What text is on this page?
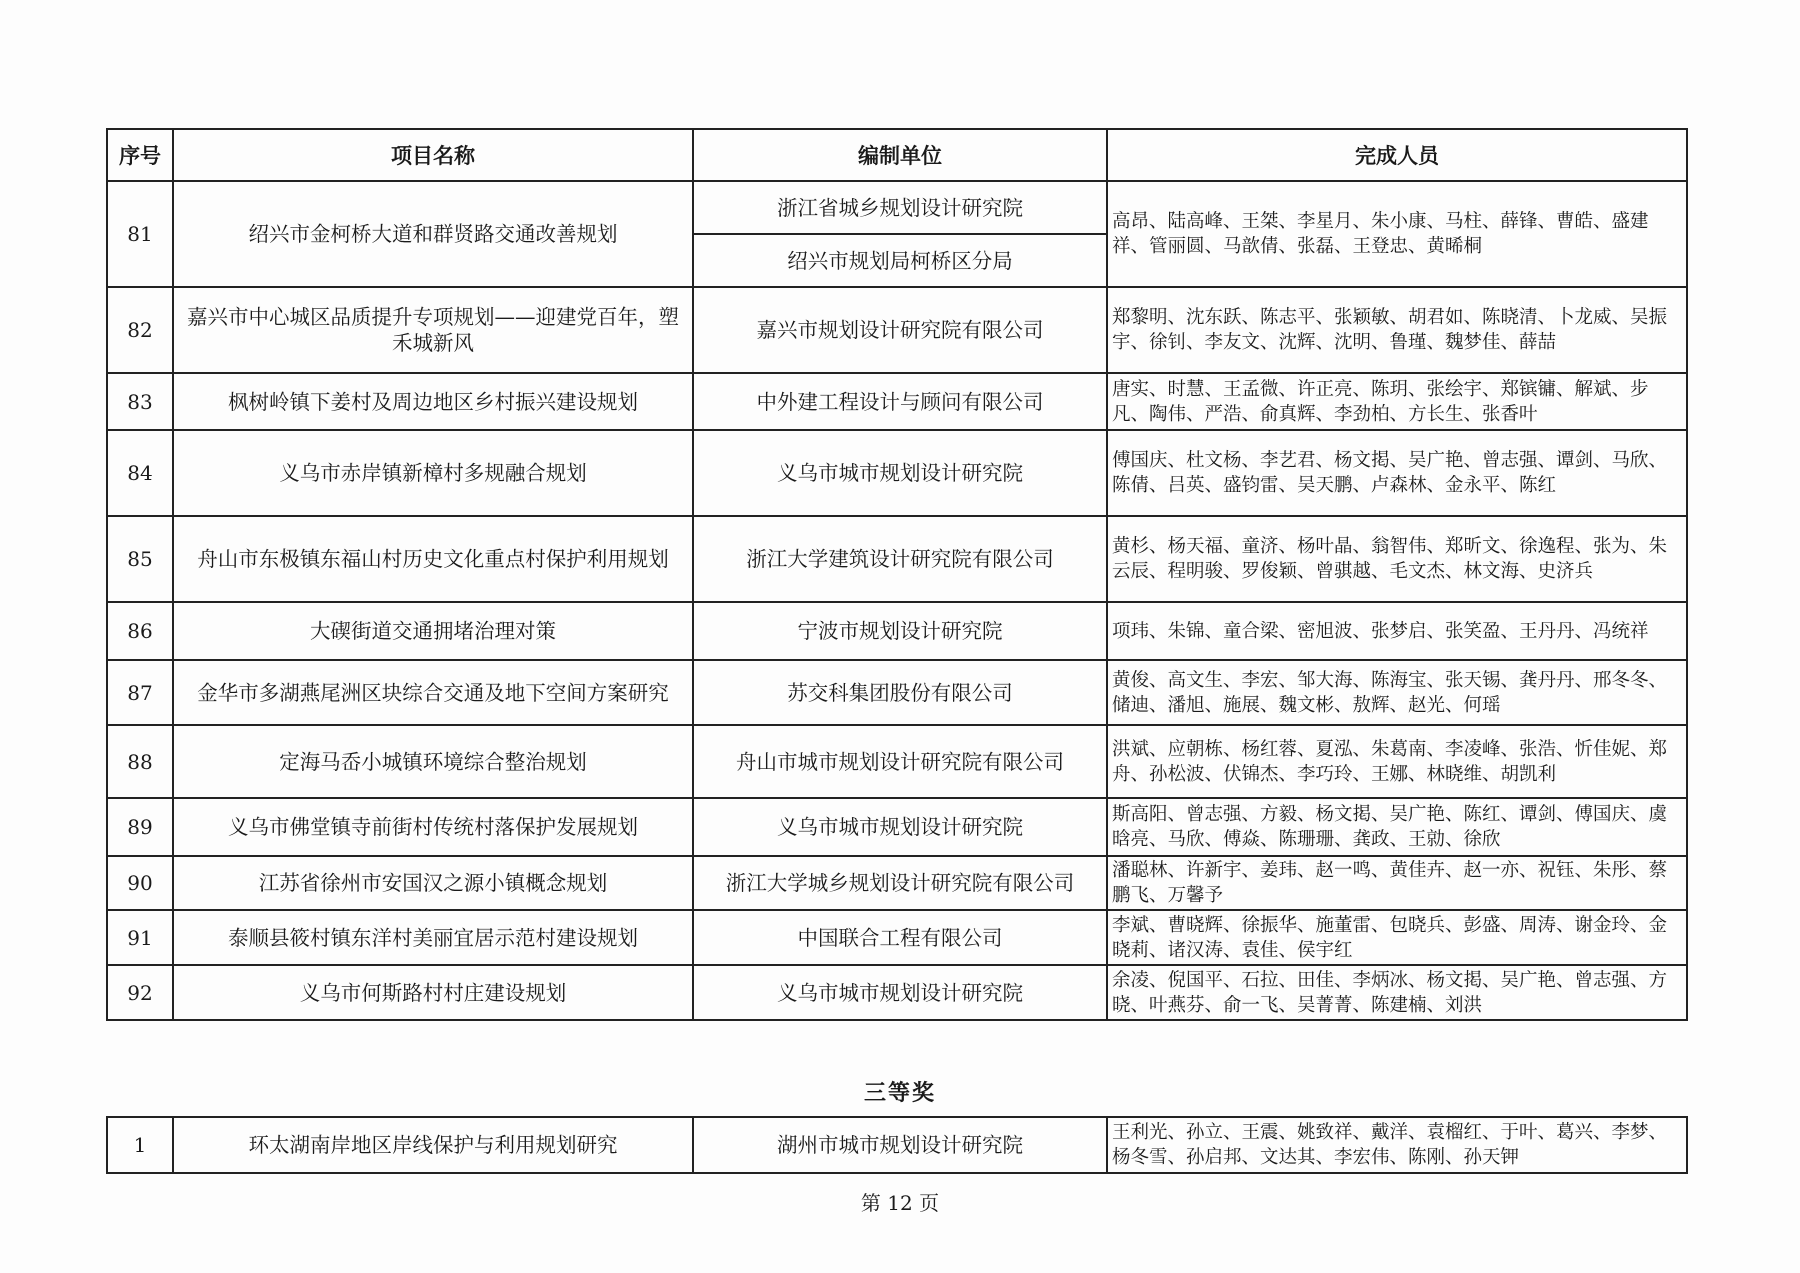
序号	项目名称	编制单位	完成人员
81	绍兴市金柯桥大道和群贤路交通改善规划	浙江省城乡规划设计研究院	高昂、陆高峰、王桀、李星月、朱小康、马柱、薛锋、曹皓、盛建祥、管丽圆、马歆倩、张磊、王登忠、黄晞桐
		绍兴市规划局柯桥区分局	
82	嘉兴市中心城区品质提升专项规划——迎建党百年，塑禾城新风	嘉兴市规划设计研究院有限公司	郑黎明、沈东跃、陈志平、张颖敏、胡君如、陈晓清、卜龙威、吴振宇、徐钊、李友文、沈辉、沈明、鲁瑾、魏梦佳、薛喆
83	枫树岭镇下姜村及周边地区乡村振兴建设规划	中外建工程设计与顾问有限公司	唐实、时慧、王孟微、许正亮、陈玥、张绘宇、郑镔镛、解斌、步凡、陶伟、严浩、俞真辉、李劲柏、方长生、张香叶
84	义乌市赤岸镇新樟村多规融合规划	义乌市城市规划设计研究院	傅国庆、杜文杨、李艺君、杨文掲、吴广艳、曾志强、谭剑、马欣、陈倩、吕英、盛钧雷、吴天鹏、卢森林、金永平、陈红
85	舟山市东极镇东福山村历史文化重点村保护利用规划	浙江大学建筑设计研究院有限公司	黄杉、杨天福、童济、杨叶晶、翁智伟、郑昕文、徐逸程、张为、朱云辰、程明骏、罗俊颖、曾骐越、毛文杰、林文海、史济兵
86	大碶街道交通拥堵治理对策	宁波市规划设计研究院	项玮、朱锦、童合梁、密旭波、张梦启、张笑盈、王丹丹、冯统祥
87	金华市多湖燕尾洲区块综合交通及地下空间方案研究	苏交科集团股份有限公司	黄俊、高文生、李宏、邹大海、陈海宝、张天锡、龚丹丹、邢冬冬、储迪、潘旭、施展、魏文彬、敖辉、赵光、何瑶
88	定海马岙小城镇环境综合整治规划	舟山市城市规划设计研究院有限公司	洪斌、应朝栋、杨红蓉、夏泓、朱葛南、李凌峰、张浩、忻佳妮、郑舟、孙松波、伏锦杰、李巧玲、王娜、林晓维、胡凯利
89	义乌市佛堂镇寺前街村传统村落保护发展规划	义乌市城市规划设计研究院	斯高阳、曾志强、方毅、杨文掲、吴广艳、陈红、谭剑、傅国庆、虞晗亮、马欣、傅焱、陈珊珊、龚政、王勍、徐欣
90	江苏省徐州市安国汉之源小镇概念规划	浙江大学城乡规划设计研究院有限公司	潘聪林、许新宇、姜玮、赵一鸣、黄佳卉、赵一亦、祝钰、朱彤、蔡鹏飞、万馨予
91	泰顺县筱村镇东洋村美丽宜居示范村建设规划	中国联合工程有限公司	李斌、曹晓辉、徐振华、施董雷、包晓兵、彭盛、周涛、谢金玲、金晓莉、诸汉涛、袁佳、侯宇红
92	义乌市何斯路村村庄建设规划	义乌市城市规划设计研究院	余凌、倪国平、石拉、田佳、李炳冰、杨文掲、吴广艳、曾志强、方晓、叶燕芬、俞一飞、吴菁菁、陈建楠、刘洪
三等奖
1	环太湖南岸地区岸线保护与利用规划研究	湖州市城市规划设计研究院	王利光、孙立、王震、姚致祥、戴洋、袁榴红、于叶、葛兴、李梦、杨冬雪、孙启邦、文达其、李宏伟、陈刚、孙天钾
第 12 页
